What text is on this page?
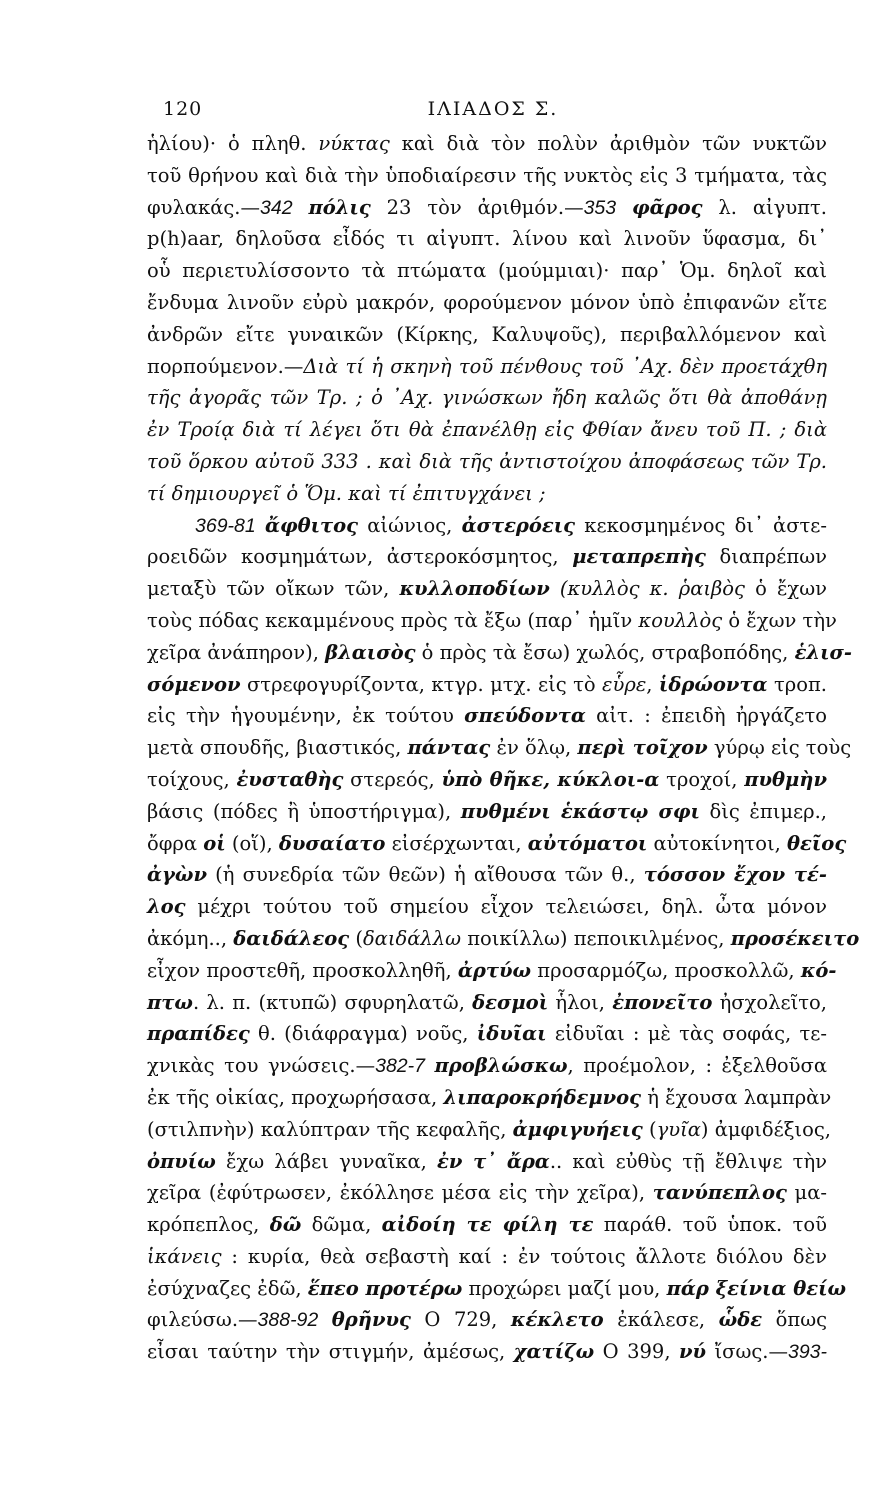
120	ΙΛΙΑΔΟΣ Σ.
ἡλίου)· ὁ πληθ. νύκτας καὶ διὰ τὸν πολὺν ἀριθμὸν τῶν νυκτῶν
τοῦ θρήνου καὶ διὰ τὴν ὑποδιαίρεσιν τῆς νυκτὸς εἰς 3 τμήματα, τὰς
φυλακάς.—342 πόλις 23 τὸν ἀριθμόν.—353 φᾶρος λ. αἰγυπτ.
p(h)aar, δηλοῦσα εἶδός τι αἰγυπτ. λίνου καὶ λινοῦν ὕφασμα, δι᾽
οὗ περιετυλίσσοντο τὰ πτώματα (μούμμιαι)· παρ᾽ Ὁμ. δηλοῖ καὶ
ἔνδυμα λινοῦν εὐρὺ μακρόν, φορούμενον μόνον ὑπὸ ἐπιφανῶν εἴτε
ἀνδρῶν εἴτε γυναικῶν (Κίρκης, Καλυψοῦς), περιβαλλόμενον καὶ
πορπούμενον.—Διὰ τί ἡ σκηνὴ τοῦ πένθους τοῦ ᾿Αχ. δὲν προετάχθη
τῆς ἀγορᾶς τῶν Τρ. ; ὁ ᾿Αχ. γινώσκων ἤδη καλῶς ὅτι θὰ ἀποθάνῃ
ἐν Τροίᾳ διὰ τί λέγει ὅτι θὰ ἐπανέλθῃ εἰς Φθίαν ἄνευ τοῦ Π. ; διὰ
τοῦ ὅρκου αὐτοῦ 333 . καὶ διὰ τῆς ἀντιστοίχου ἀποφάσεως τῶν Τρ.
τί δημιουργεῖ ὁ Ὅμ. καὶ τί ἐπιτυγχάνει ;
369-81 ἄφθιτος αἰώνιος, ἀστερόεις κεκοσμημένος δι᾽ ἀστε-
ροειδῶν κοσμημάτων, ἀστεροκόσμητος, μεταπρεπὴς διαπρέπων
μεταξὺ τῶν οἴκων τῶν, κυλλοποδίων (κυλλὸς κ. ῥαιβὸς ὁ ἔχων
τοὺς πόδας κεκαμμένους πρὸς τὰ ἔξω (παρ᾽ ἡμῖν κουλλὸς ὁ ἔχων τὴν
χεῖρα ἀνάπηρον), βλαισὸς ὁ πρὸς τὰ ἔσω) χωλός, στραβοπόδης, ἑλισ-
σόμενον στρεφογυρίζοντα, κτγρ. μτχ. εἰς τὸ εὗρε, ἱδρώοντα τροπ.
εἰς τὴν ἡγουμένην, ἐκ τούτου σπεύδοντα αἰτ. : ἐπειδὴ ἠργάζετο
μετὰ σπουδῆς, βιαστικός, πάντας ἐν ὅλῳ, περὶ τοῖχον γύρῳ εἰς τοὺς
τοίχους, ἐυσταθὴς στερεός, ὑπὸ θῆκε, κύκλοι-α τροχοί, πυθμὴν
βάσις (πόδες ἢ ὑποστήριγμα), πυθμένι ἑκάστῳ σφι δὶς ἐπιμερ.,
ὄφρα οἱ (οἵ), δυσαίατο εἰσέρχωνται, αὐτόματοι αὐτοκίνητοι, θεῖος
ἀγὼν (ἡ συνεδρία τῶν θεῶν) ἡ αἴθουσα τῶν θ., τόσσον ἔχον τέ-
λος μέχρι τούτου τοῦ σημείου εἶχον τελειώσει, δηλ. ὦτα μόνον
ἀκόμη.., δαιδάλεος (δαιδάλλω ποικίλλω) πεποικιλμένος, προσέκειτο
εἶχον προστεθῆ, προσκολληθῆ, ἀρτύω προσαρμόζω, προσκολλῶ, κό-
πτω. λ. π. (κτυπῶ) σφυρηλατῶ, δεσμοὶ ἧλοι, ἐπονεῖτο ἠσχολεῖτο,
πραπίδες θ. (διάφραγμα) νοῦς, ἰδυῖαι εἰδυῖαι : μὲ τὰς σοφάς, τε-
χνικὰς του γνώσεις.—382-7 προβλώσκω, προέμολον, : ἐξελθοῦσα
ἐκ τῆς οἰκίας, προχωρήσασα, λιπαροκρήδεμνος ἡ ἔχουσα λαμπρὰν
(στιλπνὴν) καλύπτραν τῆς κεφαλῆς, ἀμφιγυήεις (γυῖα) ἀμφιδέξιος,
ὀπυίω ἔχω λάβει γυναῖκα, ἐν τ᾽ ἄρα.. καὶ εὐθὺς τῇ ἔθλιψε τὴν
χεῖρα (ἐφύτρωσεν, ἐκόλλησε μέσα εἰς τὴν χεῖρα), τανύπεπλος μα-
κρόπεπλος, δῶ δῶμα, αἰδοίη τε φίλη τε παράθ. τοῦ ὑποκ. τοῦ
ἱκάνεις : κυρία, θεὰ σεβαστὴ καί : ἐν τούτοις ἄλλοτε διόλου δὲν
ἐσύχναζες ἐδῶ, ἕπεο προτέρω προχώρει μαζί μου, πάρ ξείνια θείω
φιλεύσω.—388-92 θρῆνυς Ο 729, κέκλετο ἐκάλεσε, ὧδε ὅπως
εἶσαι ταύτην τὴν στιγμήν, ἀμέσως, χατίζω Ο 399, νύ ἴσως.—393-
